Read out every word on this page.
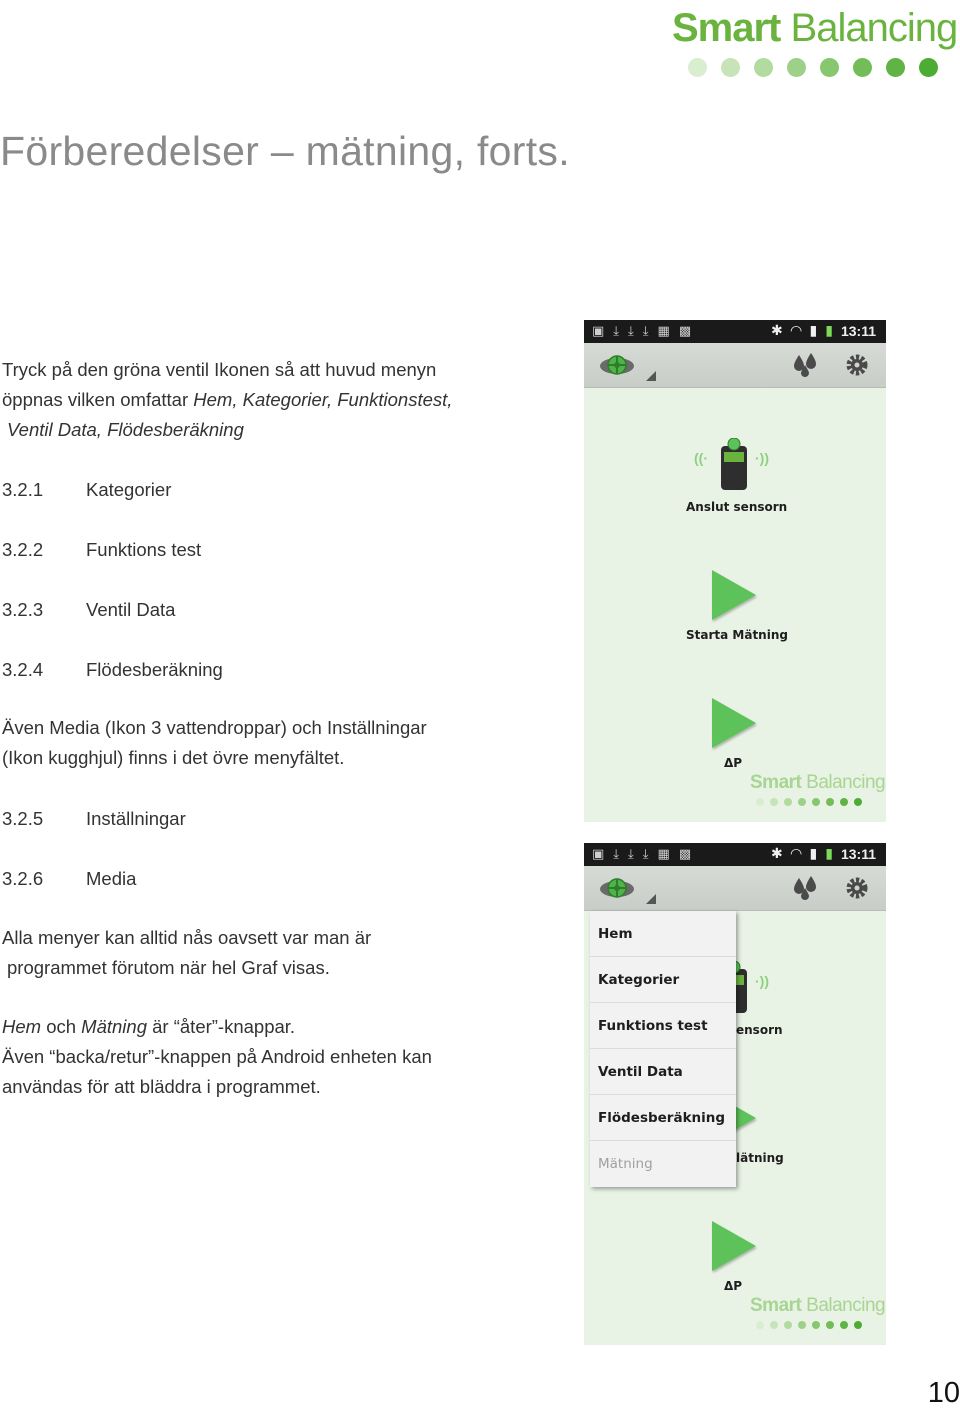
Smart Balancing
Förberedelser – mätning, forts.
Tryck på den gröna ventil Ikonen så att huvud menyn
öppnas vilken omfattar Hem, Kategorier, Funktionstest,
Ventil Data, Flödesberäkning
3.2.1 Kategorier
3.2.2 Funktions test
3.2.3 Ventil Data
3.2.4 Flödesberäkning
Även Media (Ikon 3 vattendroppar) och Inställningar
(Ikon kugghjul) finns i det övre menyfältet.
3.2.5 Inställningar
3.2.6 Media
Alla menyer kan alltid nås oavsett var man är
programmet förutom när hel Graf visas.
Hem och Mätning är “åter”-knappar.
Även “backa/retur”-knappen på Android enheten kan
användas för att bläddra i programmet.
▣ ⤓ ⤓ ⤓ ▦ ▩	✱ ◠ ▮ ▮ 13:11
((·	·))
Anslut sensorn
Starta Mätning
ΔP
Smart Balancing
▣ ⤓ ⤓ ⤓ ▦ ▩	✱ ◠ ▮ ▮ 13:11
·))
ensorn
lätning
ΔP
Smart Balancing
Hem
Kategorier
Funktions test
Ventil Data
Flödesberäkning
Mätning
10
